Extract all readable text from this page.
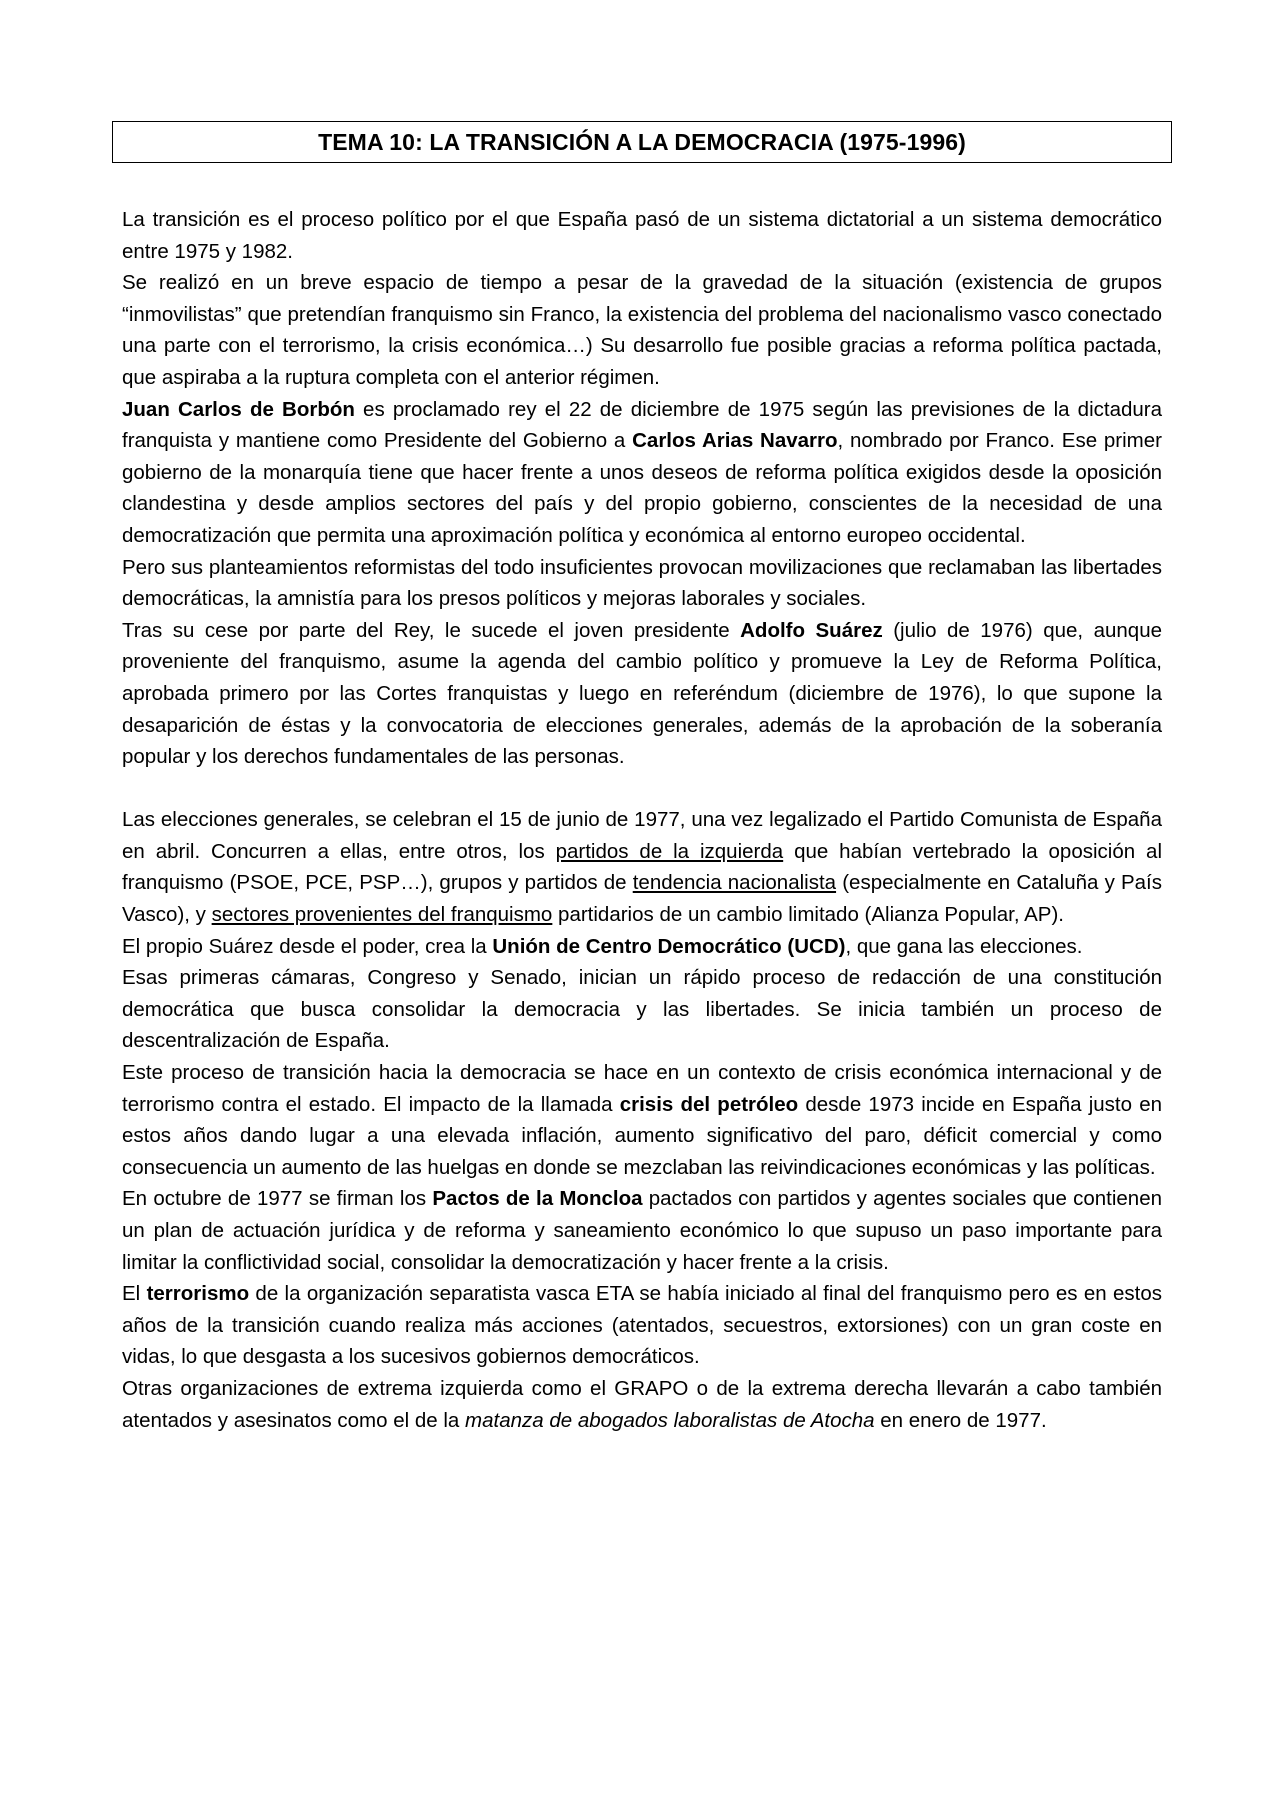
TEMA 10: LA TRANSICIÓN A LA DEMOCRACIA (1975-1996)

La transición es el proceso político por el que España pasó de un sistema dictatorial a un sistema democrático entre 1975 y 1982.

Se realizó en un breve espacio de tiempo a pesar de la gravedad de la situación (existencia de grupos “inmovilistas” que pretendían franquismo sin Franco, la existencia del problema del nacionalismo vasco conectado una parte con el terrorismo, la crisis económica…) Su desarrollo fue posible gracias a reforma política pactada, que aspiraba a la ruptura completa con el anterior régimen.

Juan Carlos de Borbón es proclamado rey el 22 de diciembre de 1975 según las previsiones de la dictadura franquista y mantiene como Presidente del Gobierno a Carlos Arias Navarro, nombrado por Franco. Ese primer gobierno de la monarquía tiene que hacer frente a unos deseos de reforma política exigidos desde la oposición clandestina y desde amplios sectores del país y del propio gobierno, conscientes de la necesidad de una democratización que permita una aproximación política y económica al entorno europeo occidental.

Pero sus planteamientos reformistas del todo insuficientes provocan movilizaciones que reclamaban las libertades democráticas, la amnistía para los presos políticos y mejoras laborales y sociales.

Tras su cese por parte del Rey, le sucede el joven presidente Adolfo Suárez (julio de 1976) que, aunque proveniente del franquismo, asume la agenda del cambio político y promueve la Ley de Reforma Política, aprobada primero por las Cortes franquistas y luego en referéndum (diciembre de 1976), lo que supone la desaparición de éstas y la convocatoria de elecciones generales, además de la aprobación de la soberanía popular y los derechos fundamentales de las personas.

Las elecciones generales, se celebran el 15 de junio de 1977, una vez legalizado el Partido Comunista de España en abril. Concurren a ellas, entre otros, los partidos de la izquierda que habían vertebrado la oposición al franquismo (PSOE, PCE, PSP…), grupos y partidos de tendencia nacionalista (especialmente en Cataluña y País Vasco), y sectores provenientes del franquismo partidarios de un cambio limitado (Alianza Popular, AP).

El propio Suárez desde el poder, crea la Unión de Centro Democrático (UCD), que gana las elecciones.

Esas primeras cámaras, Congreso y Senado, inician un rápido proceso de redacción de una constitución democrática que busca consolidar la democracia y las libertades. Se inicia también un proceso de descentralización de España.

Este proceso de transición hacia la democracia se hace en un contexto de crisis económica internacional y de terrorismo contra el estado. El impacto de la llamada crisis del petróleo desde 1973 incide en España justo en estos años dando lugar a una elevada inflación, aumento significativo del paro, déficit comercial y como consecuencia un aumento de las huelgas en donde se mezclaban las reivindicaciones económicas y las políticas.

En octubre de 1977 se firman los Pactos de la Moncloa pactados con partidos y agentes sociales que contienen un plan de actuación jurídica y de reforma y saneamiento económico lo que supuso un paso importante para limitar la conflictividad social, consolidar la democratización y hacer frente a la crisis.

El terrorismo de la organización separatista vasca ETA se había iniciado al final del franquismo pero es en estos años de la transición cuando realiza más acciones (atentados, secuestros, extorsiones) con un gran coste en vidas, lo que desgasta a los sucesivos gobiernos democráticos.

Otras organizaciones de extrema izquierda como el GRAPO o de la extrema derecha llevarán a cabo también atentados y asesinatos como el de la matanza de abogados laboralistas de Atocha en enero de 1977.
